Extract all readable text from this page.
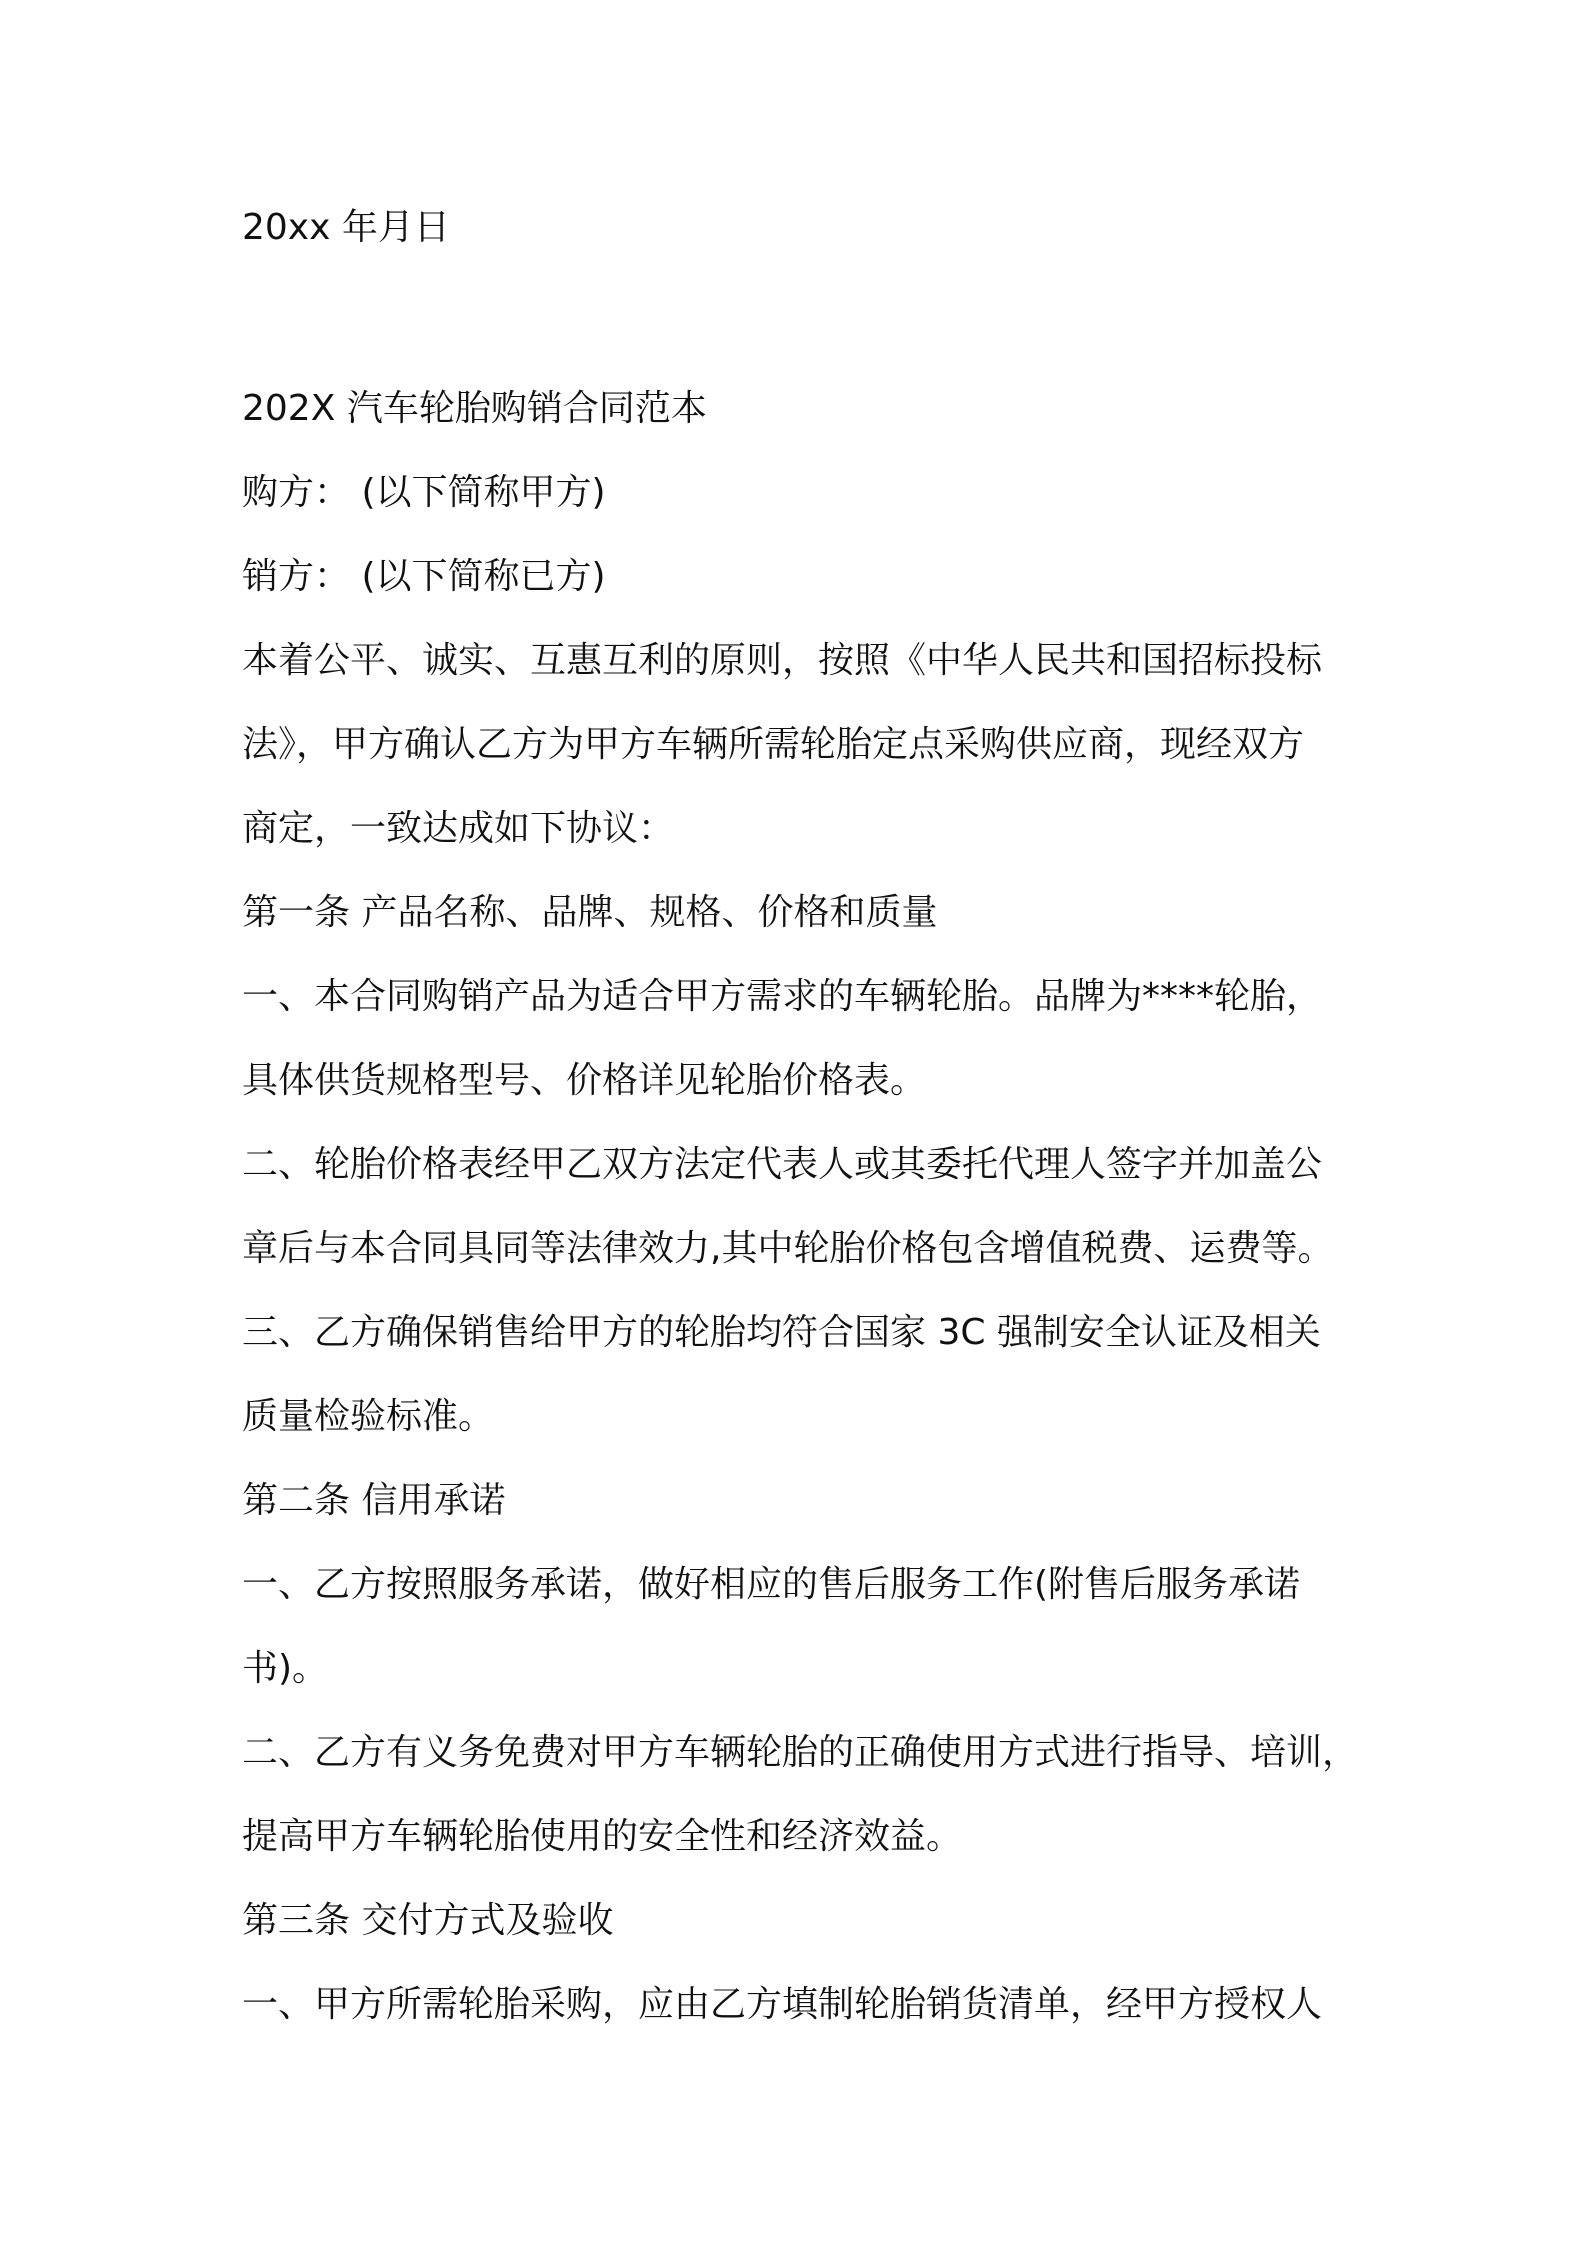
20xx 年月日
202X 汽车轮胎购销合同范本
购方： (以下简称甲方)
销方： (以下简称已方)
本着公平、诚实、互惠互利的原则，按照《中华人民共和国招标投标
法》，甲方确认乙方为甲方车辆所需轮胎定点采购供应商，现经双方
商定，一致达成如下协议：
第一条 产品名称、品牌、规格、价格和质量
一、本合同购销产品为适合甲方需求的车辆轮胎。品牌为****轮胎，
具体供货规格型号、价格详见轮胎价格表。
二、轮胎价格表经甲乙双方法定代表人或其委托代理人签字并加盖公
章后与本合同具同等法律效力,其中轮胎价格包含增值税费、运费等。
三、乙方确保销售给甲方的轮胎均符合国家 3C 强制安全认证及相关
质量检验标准。
第二条 信用承诺
一、乙方按照服务承诺，做好相应的售后服务工作(附售后服务承诺
书)。
二、乙方有义务免费对甲方车辆轮胎的正确使用方式进行指导、培训，
提高甲方车辆轮胎使用的安全性和经济效益。
第三条 交付方式及验收
一、甲方所需轮胎采购，应由乙方填制轮胎销货清单，经甲方授权人
